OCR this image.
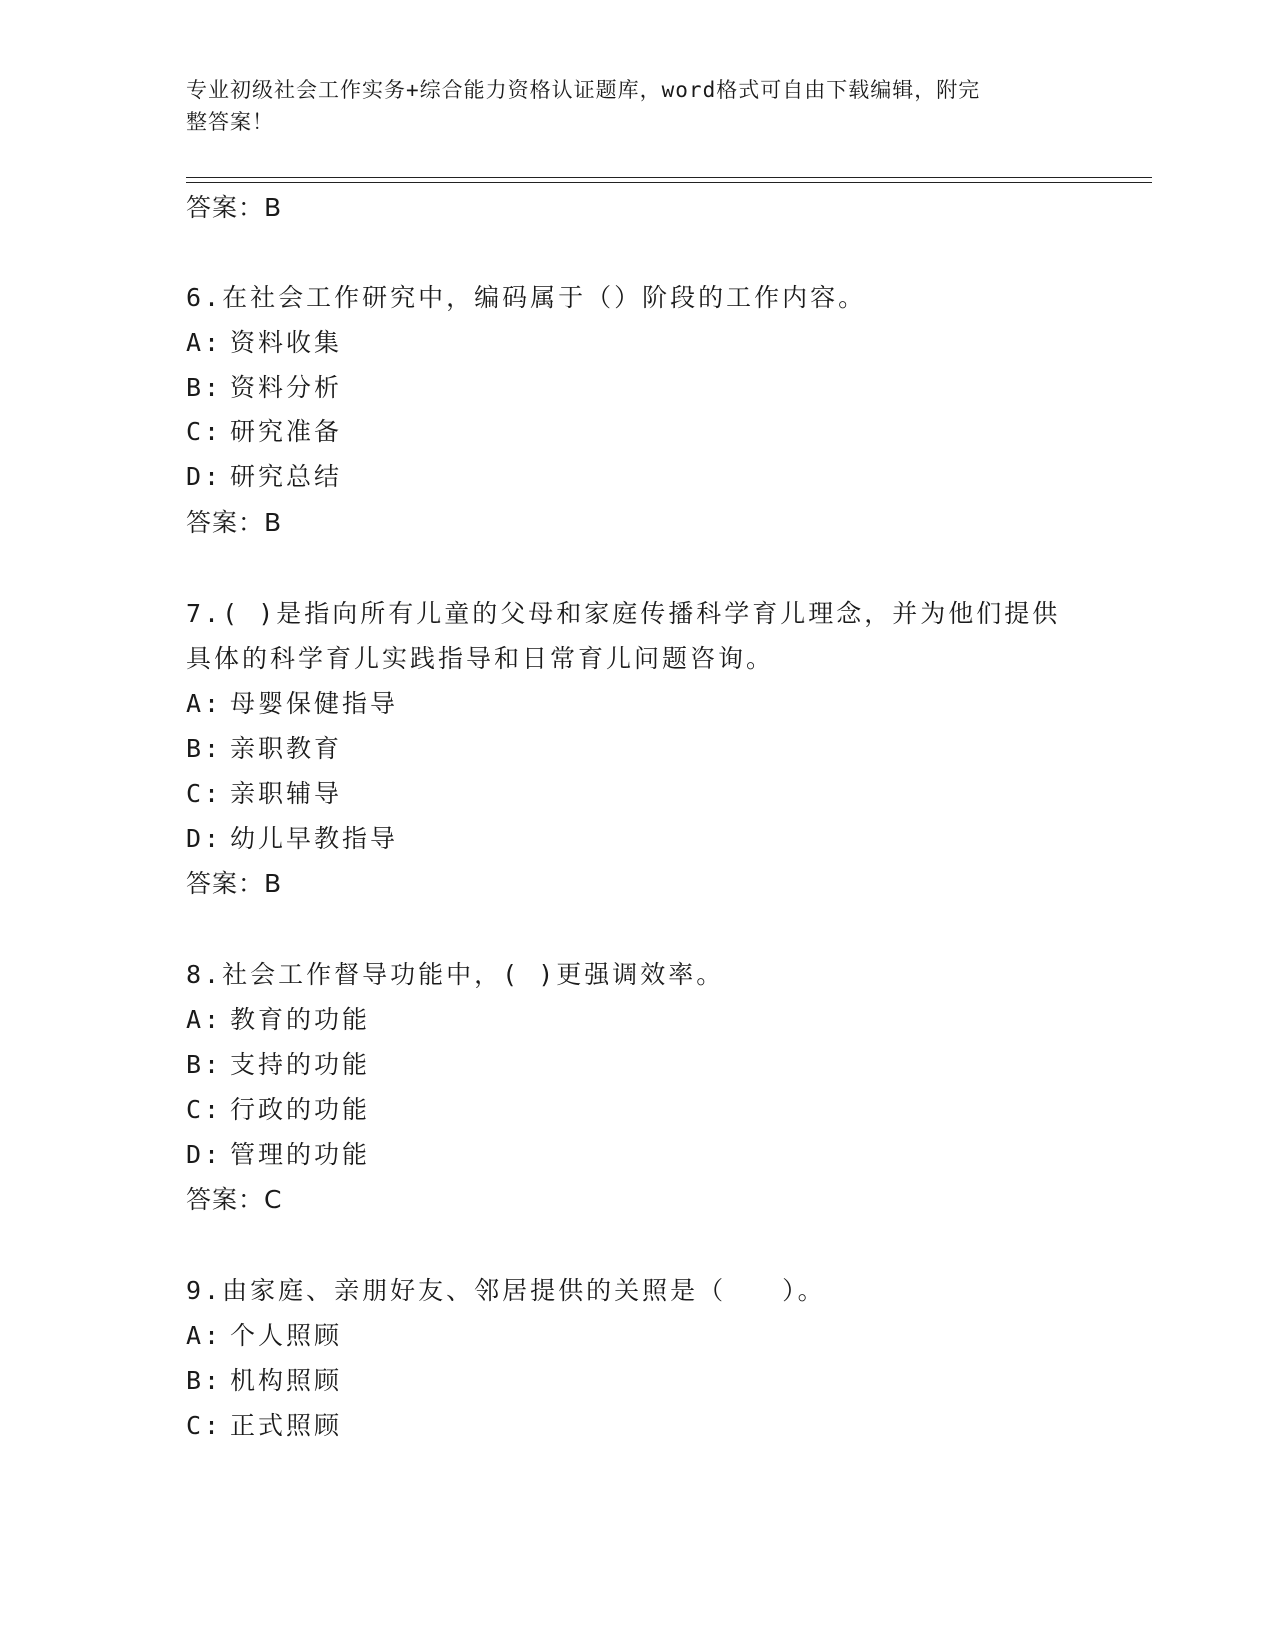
专业初级社会工作实务+综合能力资格认证题库，word格式可自由下载编辑，附完
整答案！
答案：B
6.在社会工作研究中，编码属于（）阶段的工作内容。
A: 资料收集
B: 资料分析
C: 研究准备
D: 研究总结
答案：B
7.( )是指向所有儿童的父母和家庭传播科学育儿理念，并为他们提供
具体的科学育儿实践指导和日常育儿问题咨询。
A: 母婴保健指导
B: 亲职教育
C: 亲职辅导
D: 幼儿早教指导
答案：B
8.社会工作督导功能中，( )更强调效率。
A: 教育的功能
B: 支持的功能
C: 行政的功能
D: 管理的功能
答案：C
9.由家庭、亲朋好友、邻居提供的关照是（　　）。
A: 个人照顾
B: 机构照顾
C: 正式照顾
